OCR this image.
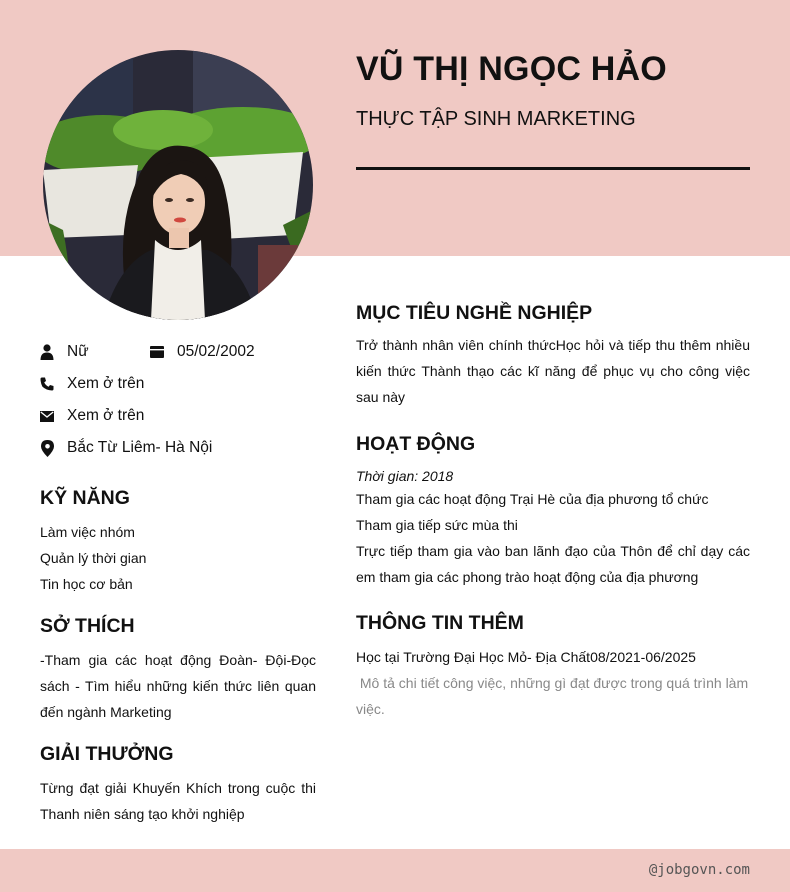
VŨ THỊ NGỌC HẢO
THỰC TẬP SINH MARKETING
Nữ	05/02/2002
Xem ở trên
Xem ở trên
Bắc Từ Liêm- Hà Nội
KỸ NĂNG
Làm việc nhóm
Quản lý thời gian
Tin học cơ bản
SỞ THÍCH
-Tham gia các hoạt động Đoàn- Đội-Đọc sách - Tìm hiểu những kiến thức liên quan đến ngành Marketing
GIẢI THƯỞNG
Từng đạt giải Khuyến Khích trong cuộc thi Thanh niên sáng tạo khởi nghiệp
MỤC TIÊU NGHỀ NGHIỆP
Trở thành nhân viên chính thứcHọc hỏi và tiếp thu thêm nhiều kiến thức Thành thạo các kĩ năng để phục vụ cho công việc sau này
HOẠT ĐỘNG
Thời gian: 2018
Tham gia các hoạt động Trại Hè của địa phương tổ chức
Tham gia tiếp sức mùa thi
Trực tiếp tham gia vào ban lãnh đạo của Thôn để chỉ dạy các em tham gia các phong trào hoạt động của địa phương
THÔNG TIN THÊM
Học tại Trường Đại Học Mỏ- Địa Chất08/2021-06/2025
Mô tả chi tiết công việc, những gì đạt được trong quá trình làm việc.
@jobgovn.com
